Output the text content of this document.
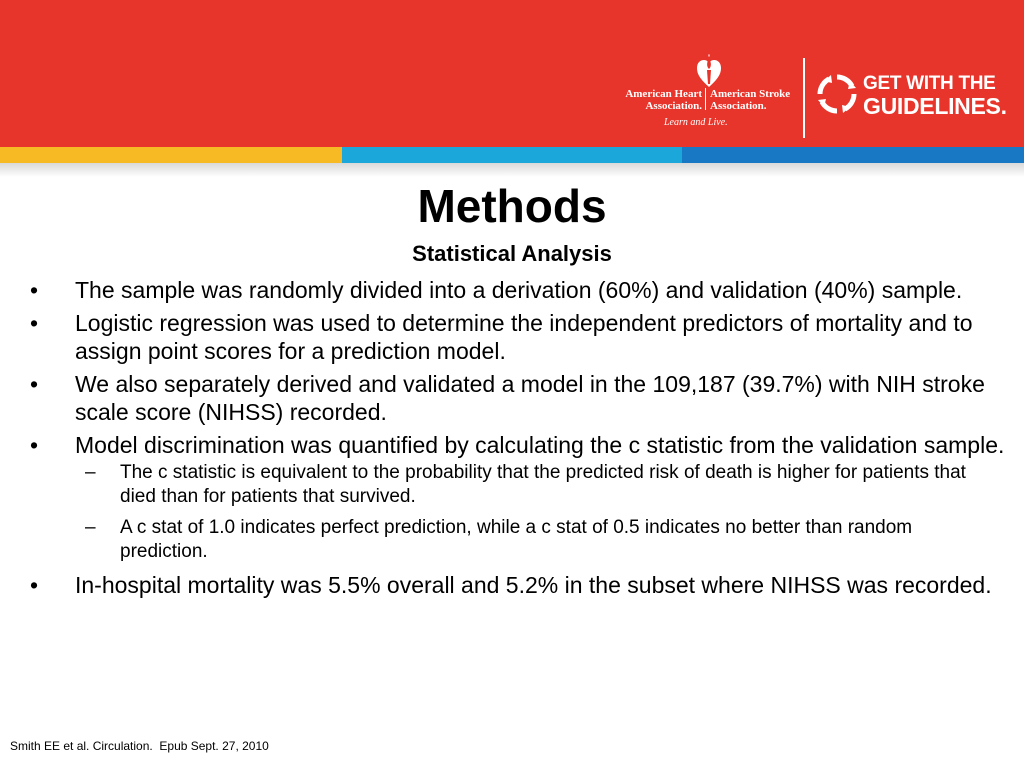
American Heart
Association.
American Stroke
Association.
Learn and Live.
GET WITH THE
GUIDELINES.
Methods
Statistical Analysis
• The sample was randomly divided into a derivation (60%) and validation (40%) sample.
• Logistic regression was used to determine the independent predictors of mortality and to assign point scores for a prediction model.
• We also separately derived and validated a model in the 109,187 (39.7%) with NIH stroke scale score (NIHSS) recorded.
• Model discrimination was quantified by calculating the c statistic from the validation sample.
– The c statistic is equivalent to the probability that the predicted risk of death is higher for patients that died than for patients that survived.
– A c stat of 1.0 indicates perfect prediction, while a c stat of 0.5 indicates no better than random prediction.
• In-hospital mortality was 5.5% overall and 5.2% in the subset where NIHSS was recorded.
Smith EE et al. Circulation.  Epub Sept. 27, 2010
